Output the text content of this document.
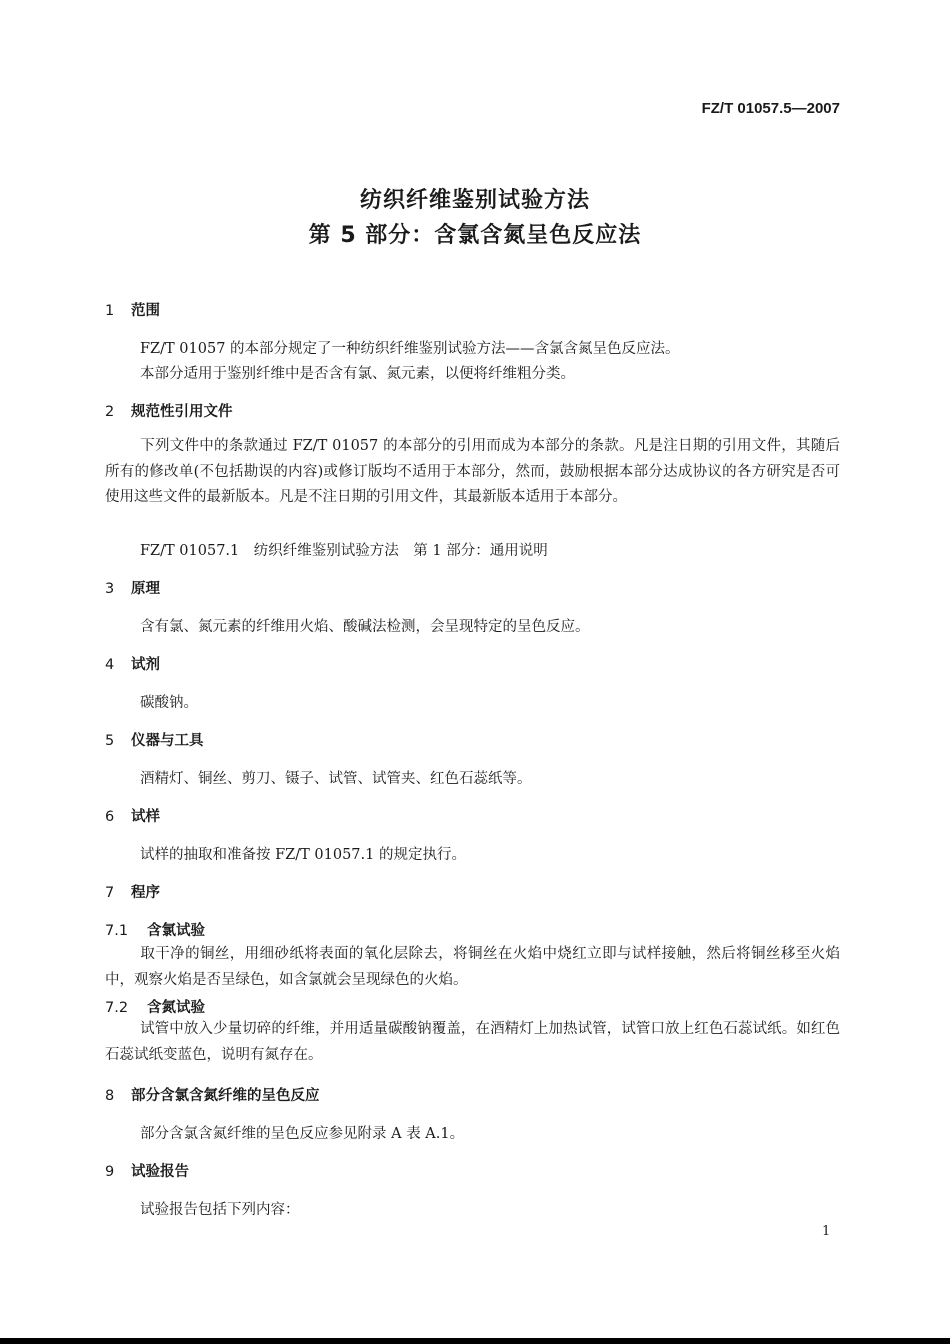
FZ/T 01057.5—2007
纺织纤维鉴别试验方法
第 5 部分：含氯含氮呈色反应法
1 范围
FZ/T 01057 的本部分规定了一种纺织纤维鉴别试验方法——含氯含氮呈色反应法。
本部分适用于鉴别纤维中是否含有氯、氮元素，以便将纤维粗分类。
2 规范性引用文件
下列文件中的条款通过 FZ/T 01057 的本部分的引用而成为本部分的条款。凡是注日期的引用文件，其随后所有的修改单(不包括勘误的内容)或修订版均不适用于本部分，然而，鼓励根据本部分达成协议的各方研究是否可使用这些文件的最新版本。凡是不注日期的引用文件，其最新版本适用于本部分。
FZ/T 01057.1　纺织纤维鉴别试验方法　第 1 部分：通用说明
3 原理
含有氯、氮元素的纤维用火焰、酸碱法检测，会呈现特定的呈色反应。
4 试剂
碳酸钠。
5 仪器与工具
酒精灯、铜丝、剪刀、镊子、试管、试管夹、红色石蕊纸等。
6 试样
试样的抽取和准备按 FZ/T 01057.1 的规定执行。
7 程序
7.1 含氯试验
取干净的铜丝，用细砂纸将表面的氧化层除去，将铜丝在火焰中烧红立即与试样接触，然后将铜丝移至火焰中，观察火焰是否呈绿色，如含氯就会呈现绿色的火焰。
7.2 含氮试验
试管中放入少量切碎的纤维，并用适量碳酸钠覆盖，在酒精灯上加热试管，试管口放上红色石蕊试纸。如红色石蕊试纸变蓝色，说明有氮存在。
8 部分含氯含氮纤维的呈色反应
部分含氯含氮纤维的呈色反应参见附录 A 表 A.1。
9 试验报告
试验报告包括下列内容：
1
